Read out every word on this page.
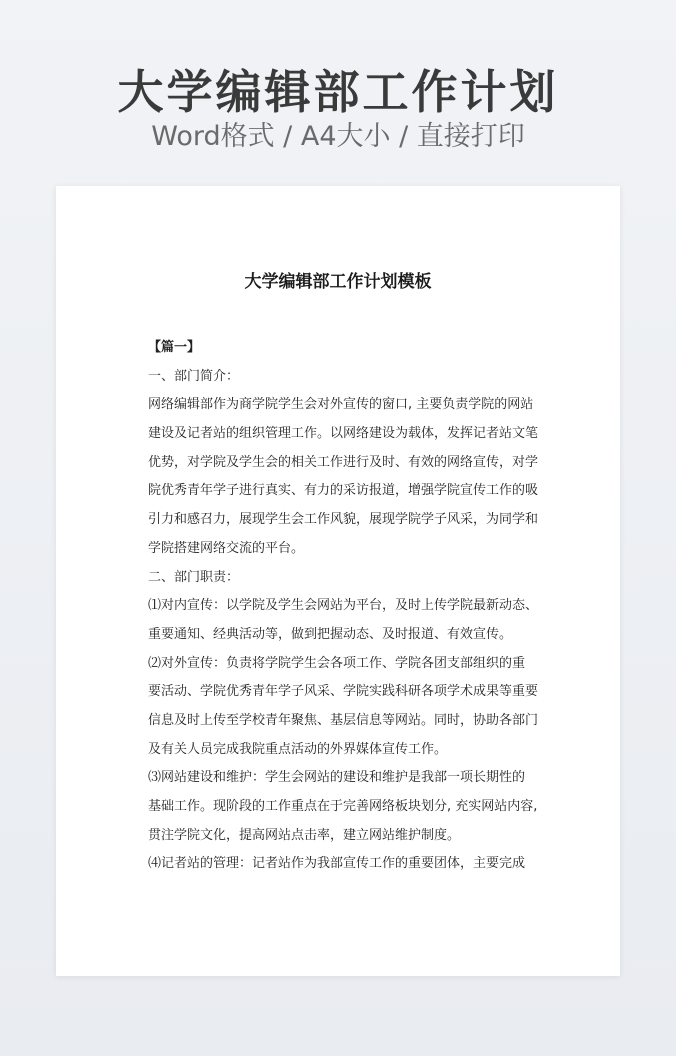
大学编辑部工作计划
Word格式 / A4大小 / 直接打印
大学编辑部工作计划模板
【篇一】
一、部门简介：
网络编辑部作为商学院学生会对外宣传的窗口, 主要负责学院的网站
建设及记者站的组织管理工作。以网络建设为载体，发挥记者站文笔
优势，对学院及学生会的相关工作进行及时、有效的网络宣传，对学
院优秀青年学子进行真实、有力的采访报道，增强学院宣传工作的吸
引力和感召力，展现学生会工作风貌，展现学院学子风采，为同学和
学院搭建网络交流的平台。
二、部门职责：
⑴对内宣传：以学院及学生会网站为平台，及时上传学院最新动态、
重要通知、经典活动等，做到把握动态、及时报道、有效宣传。
⑵对外宣传：负责将学院学生会各项工作、学院各团支部组织的重
要活动、学院优秀青年学子风采、学院实践科研各项学术成果等重要
信息及时上传至学校青年聚焦、基层信息等网站。同时，协助各部门
及有关人员完成我院重点活动的外界媒体宣传工作。
⑶网站建设和维护：学生会网站的建设和维护是我部一项长期性的
基础工作。现阶段的工作重点在于完善网络板块划分, 充实网站内容,
贯注学院文化，提高网站点击率，建立网站维护制度。
⑷记者站的管理：记者站作为我部宣传工作的重要团体，主要完成
